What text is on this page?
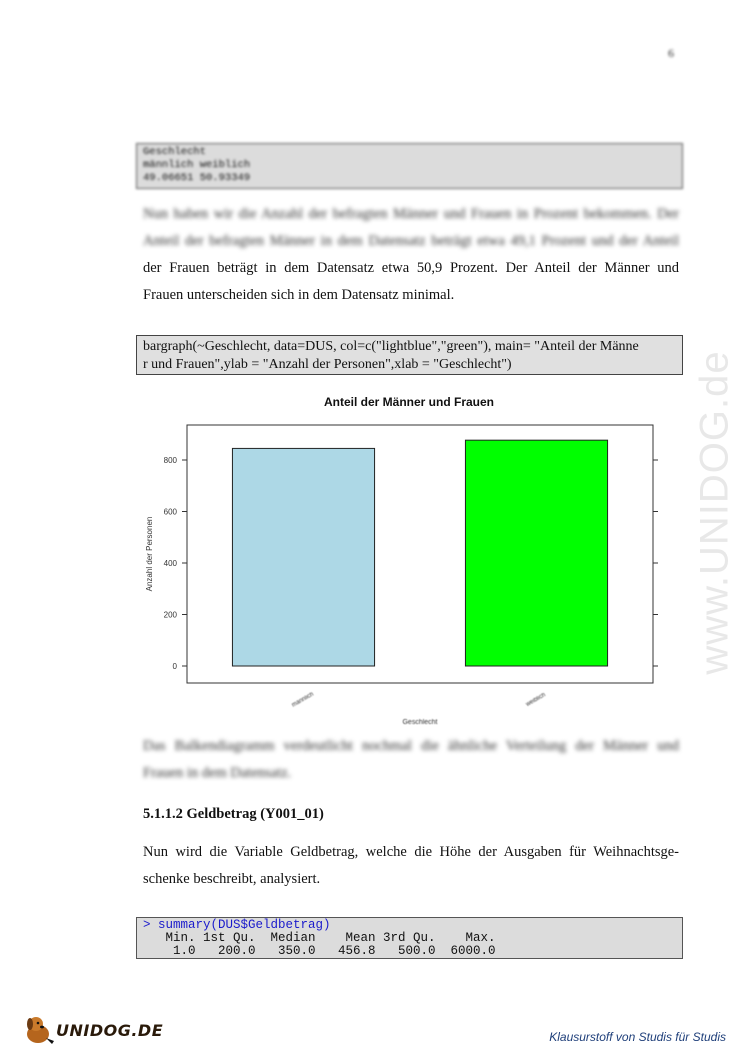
6
www.UNIDOG.de
Geschlecht
männlich weiblich
49.06651 50.93349
Nun haben wir die Anzahl der befragten Männer und Frauen in Prozent bekommen. Der
Anteil der befragten Männer in dem Datensatz beträgt etwa 49,1 Prozent und der Anteil
der Frauen beträgt in dem Datensatz etwa 50,9 Prozent. Der Anteil der Männer und
Frauen unterscheiden sich in dem Datensatz minimal.
bargraph(~Geschlecht, data=DUS, col=c("lightblue","green"), main= "Anteil der Männe
r und Frauen",ylab = "Anzahl der Personen",xlab = "Geschlecht")
Anteil der Männer und Frauen
0
200
400
600
800
männlich	weiblich
Geschlecht
Anzahl der Personen
Das Balkendiagramm verdeutlicht nochmal die ähnliche Verteilung der Männer und
Frauen in dem Datensatz.
5.1.1.2 Geldbetrag (Y001_01)
Nun wird die Variable Geldbetrag, welche die Höhe der Ausgaben für Weihnachtsge-
schenke beschreibt, analysiert.
> summary(DUS$Geldbetrag)
Min. 1st Qu.  Median    Mean 3rd Qu.    Max.
1.0   200.0   350.0   456.8   500.0  6000.0
UNIDOG.DE	Klausurstoff von Studis für Studis
